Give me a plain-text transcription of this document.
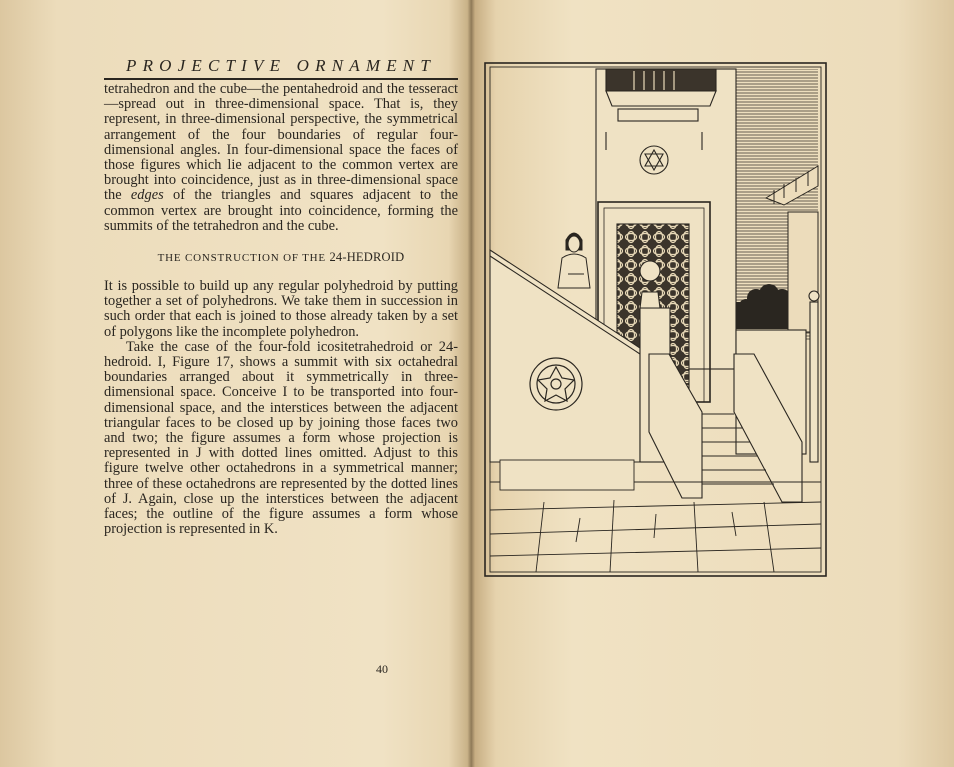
PROJECTIVE ORNAMENT

tetrahedron and the cube—the pentahedroid and the tesseract—spread out in three-dimensional space. That is, they represent, in three-dimensional perspective, the symmetrical arrangement of the four boundaries of regular four-dimensional angles. In four-dimensional space the faces of those figures which lie adjacent to the common vertex are brought into coincidence, just as in three-dimensional space the edges of the triangles and squares adjacent to the common vertex are brought into coincidence, forming the summits of the tetrahedron and the cube.

THE CONSTRUCTION OF THE 24-HEDROID

It is possible to build up any regular polyhedroid by putting together a set of polyhedrons. We take them in succession in such order that each is joined to those already taken by a set of polygons like the incomplete polyhedron.

Take the case of the four-fold icositetrahedroid or 24-hedroid. I, Figure 17, shows a summit with six octahedral boundaries arranged about it symmetrically in three-dimensional space. Conceive I to be transported into four-dimensional space, and the interstices between the adjacent triangular faces to be closed up by joining those faces two and two; the figure assumes a form whose projection is represented in J with dotted lines omitted. Adjust to this figure twelve other octahedrons in a symmetrical manner; three of these octahedrons are represented by the dotted lines of J. Again, close up the interstices between the adjacent faces; the outline of the figure assumes a form whose projection is represented in K.

40
